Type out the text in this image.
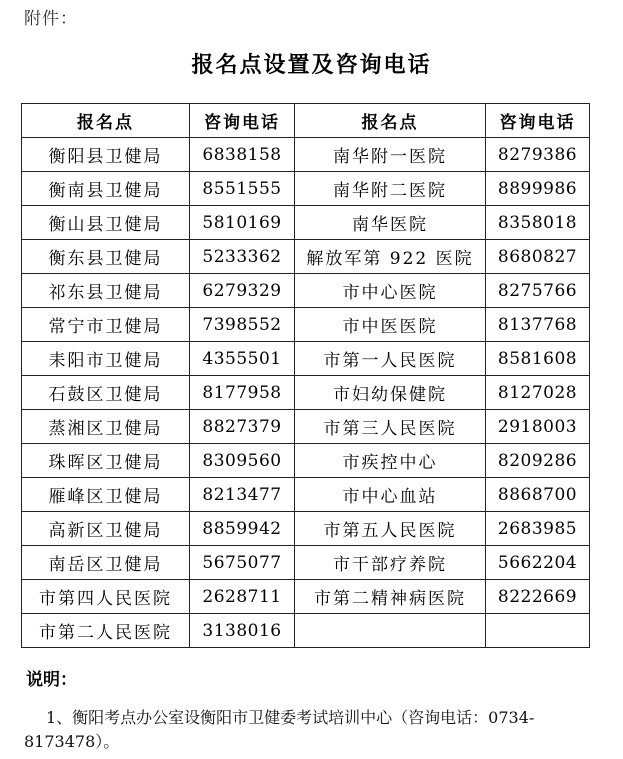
附件：
报名点设置及咨询电话
报名点	咨询电话	报名点	咨询电话
衡阳县卫健局	6838158	南华附一医院	8279386
衡南县卫健局	8551555	南华附二医院	8899986
衡山县卫健局	5810169	南华医院	8358018
衡东县卫健局	5233362	解放军第 922 医院	8680827
祁东县卫健局	6279329	市中心医院	8275766
常宁市卫健局	7398552	市中医医院	8137768
耒阳市卫健局	4355501	市第一人民医院	8581608
石鼓区卫健局	8177958	市妇幼保健院	8127028
蒸湘区卫健局	8827379	市第三人民医院	2918003
珠晖区卫健局	8309560	市疾控中心	8209286
雁峰区卫健局	8213477	市中心血站	8868700
高新区卫健局	8859942	市第五人民医院	2683985
南岳区卫健局	5675077	市干部疗养院	5662204
市第四人民医院	2628711	市第二精神病医院	8222669
市第二人民医院	3138016		
说明：
1、衡阳考点办公室设衡阳市卫健委考试培训中心（咨询电话：0734-8173478）。
